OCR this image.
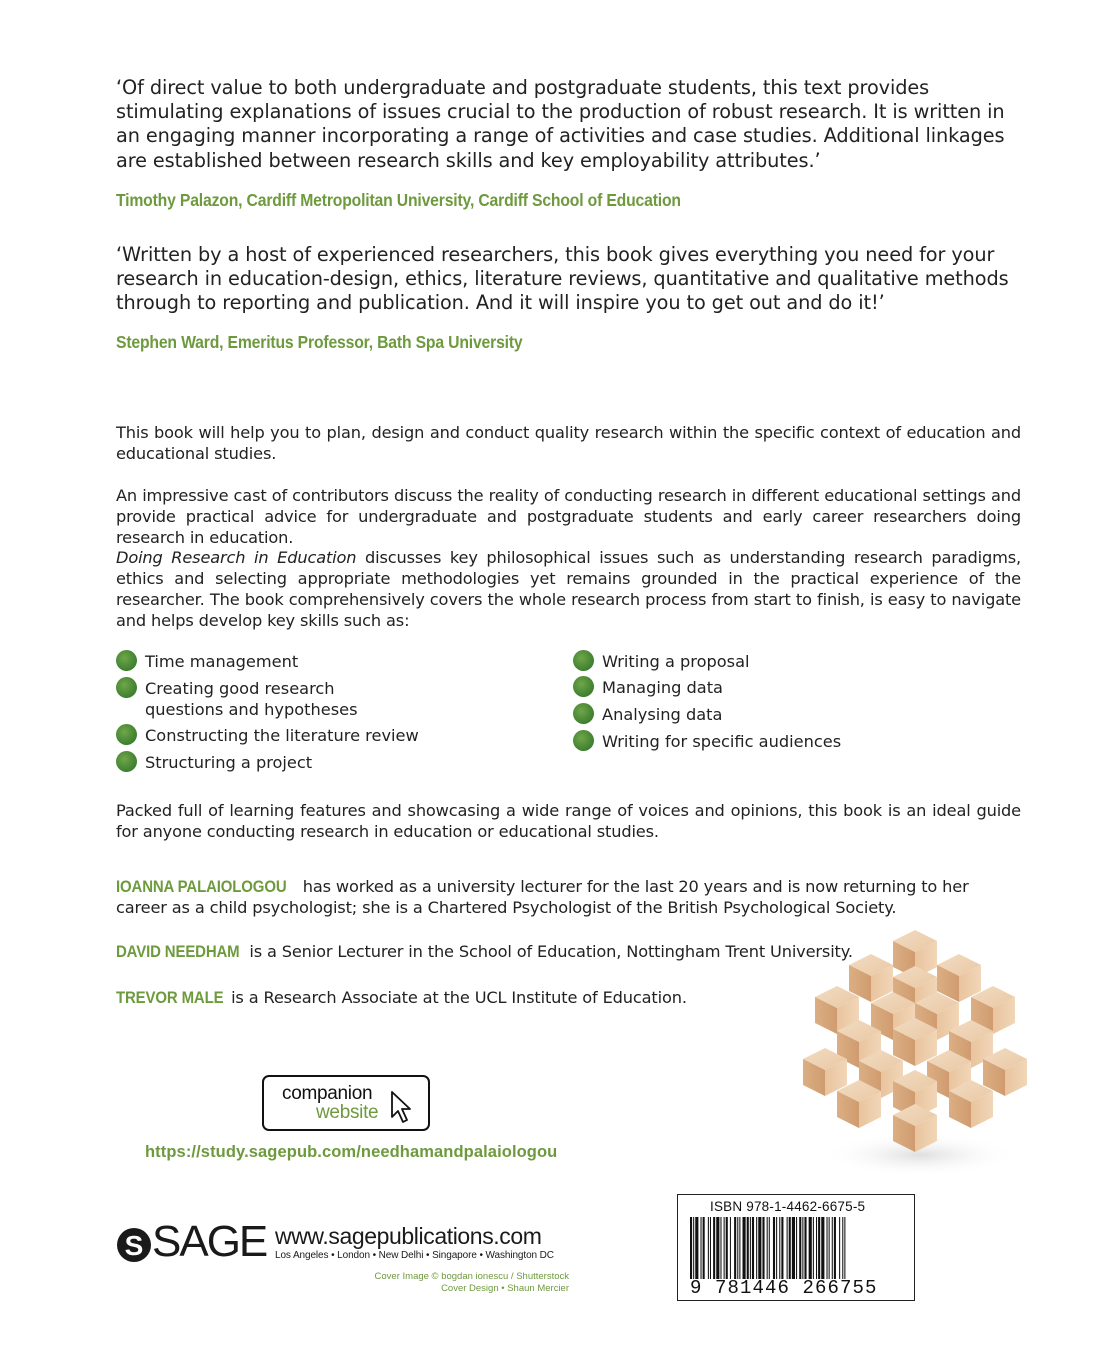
‘Of direct value to both undergraduate and postgraduate students, this text provides stimulating explanations of issues crucial to the production of robust research. It is written in an engaging manner incorporating a range of activities and case studies. Additional linkages are established between research skills and key employability attributes.’
Timothy Palazon, Cardiff Metropolitan University, Cardiff School of Education
‘Written by a host of experienced researchers, this book gives everything you need for your research in education-design, ethics, literature reviews, quantitative and qualitative methods through to reporting and publication. And it will inspire you to get out and do it!’
Stephen Ward, Emeritus Professor, Bath Spa University
This book will help you to plan, design and conduct quality research within the specific context of education and educational studies.
An impressive cast of contributors discuss the reality of conducting research in different educational settings and provide practical advice for undergraduate and postgraduate students and early career researchers doing research in education.
Doing Research in Education discusses key philosophical issues such as understanding research paradigms, ethics and selecting appropriate methodologies yet remains grounded in the practical experience of the researcher. The book comprehensively covers the whole research process from start to finish, is easy to navigate and helps develop key skills such as:
Time management
Creating good research questions and hypotheses
Constructing the literature review
Structuring a project
Writing a proposal
Managing data
Analysing data
Writing for specific audiences
Packed full of learning features and showcasing a wide range of voices and opinions, this book is an ideal guide for anyone conducting research in education or educational studies.
IOANNA PALAIOLOGOU has worked as a university lecturer for the last 20 years and is now returning to her career as a child psychologist; she is a Chartered Psychologist of the British Psychological Society.
DAVID NEEDHAM is a Senior Lecturer in the School of Education, Nottingham Trent University.
TREVOR MALE is a Research Associate at the UCL Institute of Education.
companion
website
https://study.sagepub.com/needhamandpalaiologou
S SAGE www.sagepublications.com
Los Angeles • London • New Delhi • Singapore • Washington DC
Cover Image © bogdan ionescu / Shutterstock
Cover Design • Shaun Mercier
ISBN 978-1-4462-6675-5
9 781446 266755
